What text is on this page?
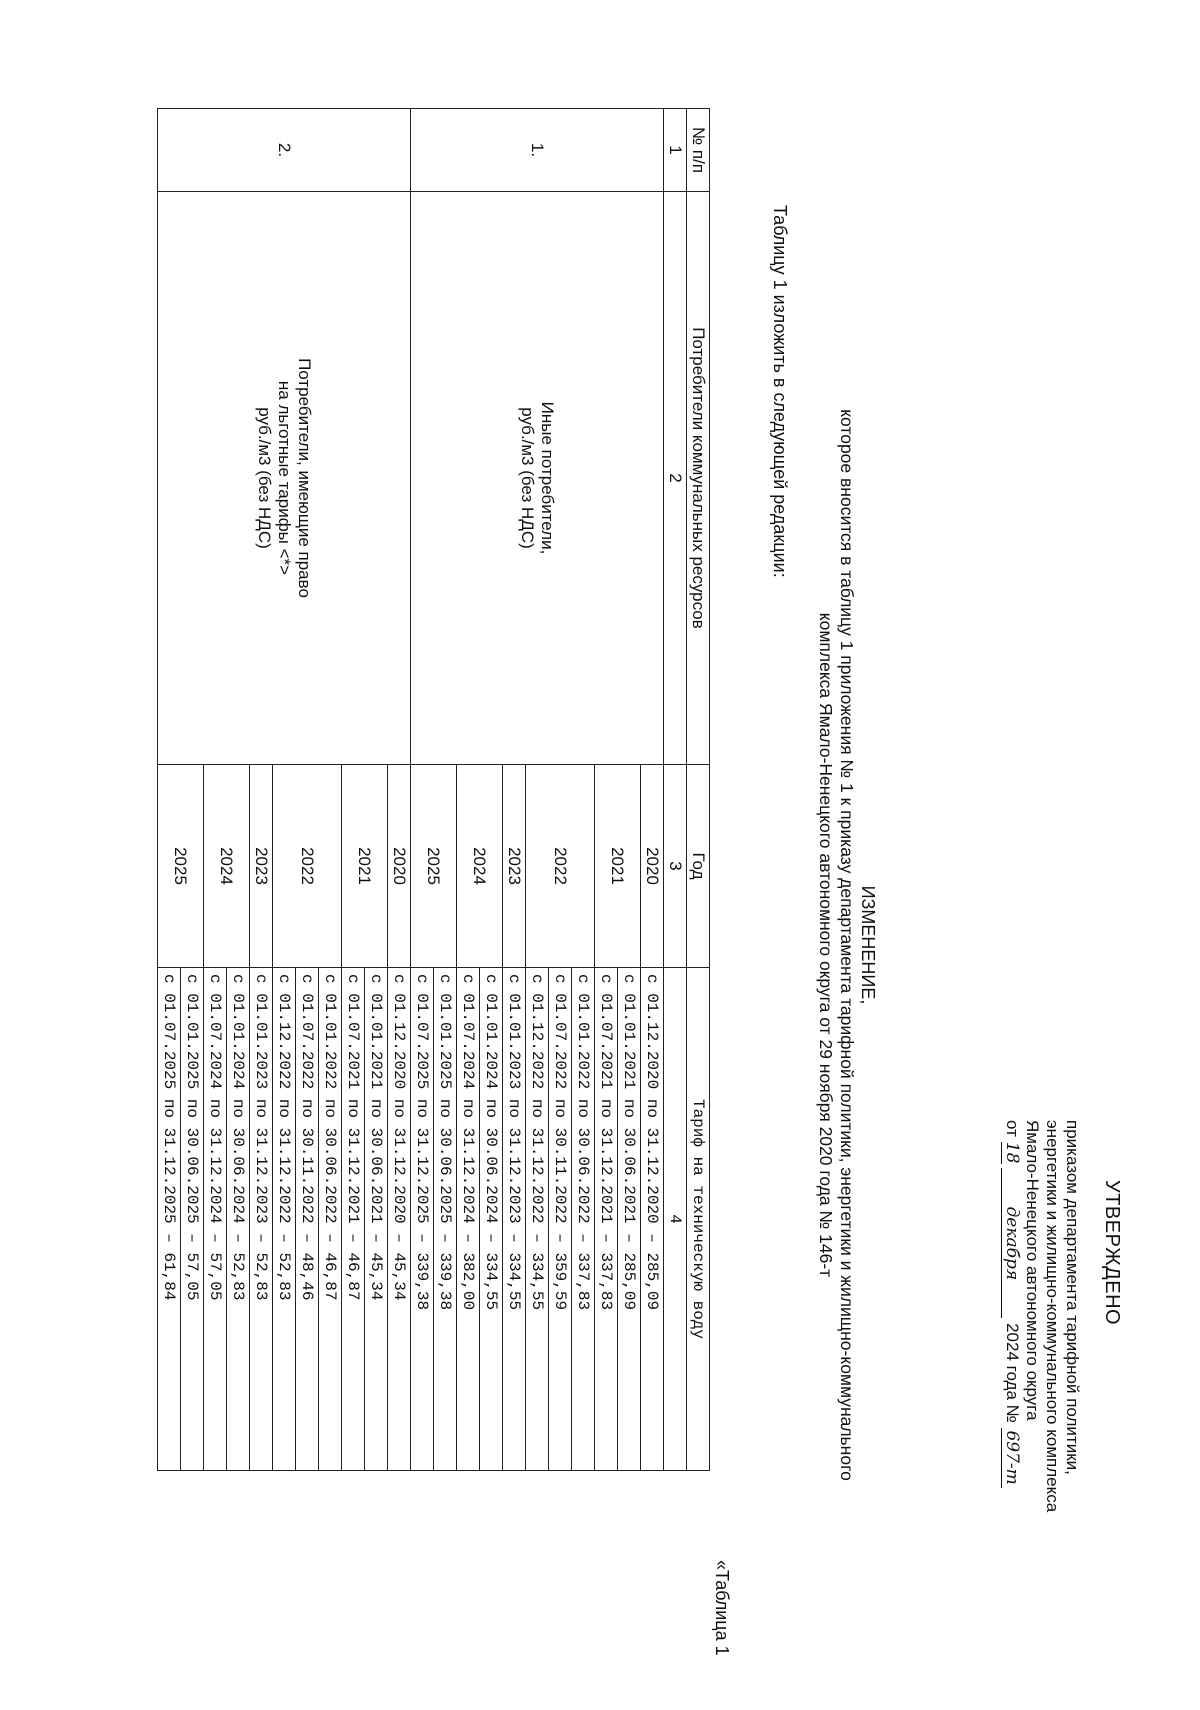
УТВЕРЖДЕНО
приказом департамента тарифной политики,
энергетики и жилищно-коммунального комплекса
Ямало-Ненецкого автономного округа
от 18 декабря 2024 года № 697-т
ИЗМЕНЕНИЕ,
которое вносится в таблицу 1 приложения № 1 к приказу департамента тарифной политики, энергетики и жилищно-коммунального
комплекса Ямало-Ненецкого автономного округа от 29 ноября 2020 года № 146-т
Таблицу 1 изложить в следующей редакции:
«Таблица 1
№ п/п	Потребители коммунальных ресурсов	Год	Тариф на техническую воду
1	2	3	4
1.	Иные потребители,
руб./м3 (без НДС)	2020	с 01.12.2020 по 31.12.2020 – 285,09
		2021	с 01.01.2021 по 30.06.2021 – 285,09
			с 01.07.2021 по 31.12.2021 – 337,83
		2022	с 01.01.2022 по 30.06.2022 – 337,83
			с 01.07.2022 по 30.11.2022 – 359,59
			с 01.12.2022 по 31.12.2022 – 334,55
		2023	с 01.01.2023 по 31.12.2023 – 334,55
		2024	с 01.01.2024 по 30.06.2024 – 334,55
			с 01.07.2024 по 31.12.2024 – 382,00
		2025	с 01.01.2025 по 30.06.2025 – 339,38
			с 01.07.2025 по 31.12.2025 – 339,38
2.	Потребители, имеющие право
на льготные тарифы <*>
руб./м3 (без НДС)	2020	с 01.12.2020 по 31.12.2020 – 45,34
		2021	с 01.01.2021 по 30.06.2021 – 45,34
			с 01.07.2021 по 31.12.2021 – 46,87
		2022	с 01.01.2022 по 30.06.2022 – 46,87
			с 01.07.2022 по 30.11.2022 – 48,46
			с 01.12.2022 по 31.12.2022 – 52,83
		2023	с 01.01.2023 по 31.12.2023 – 52,83
		2024	с 01.01.2024 по 30.06.2024 – 52,83
			с 01.07.2024 по 31.12.2024 – 57,05
		2025	с 01.01.2025 по 30.06.2025 – 57,05
			с 01.07.2025 по 31.12.2025 – 61,84
